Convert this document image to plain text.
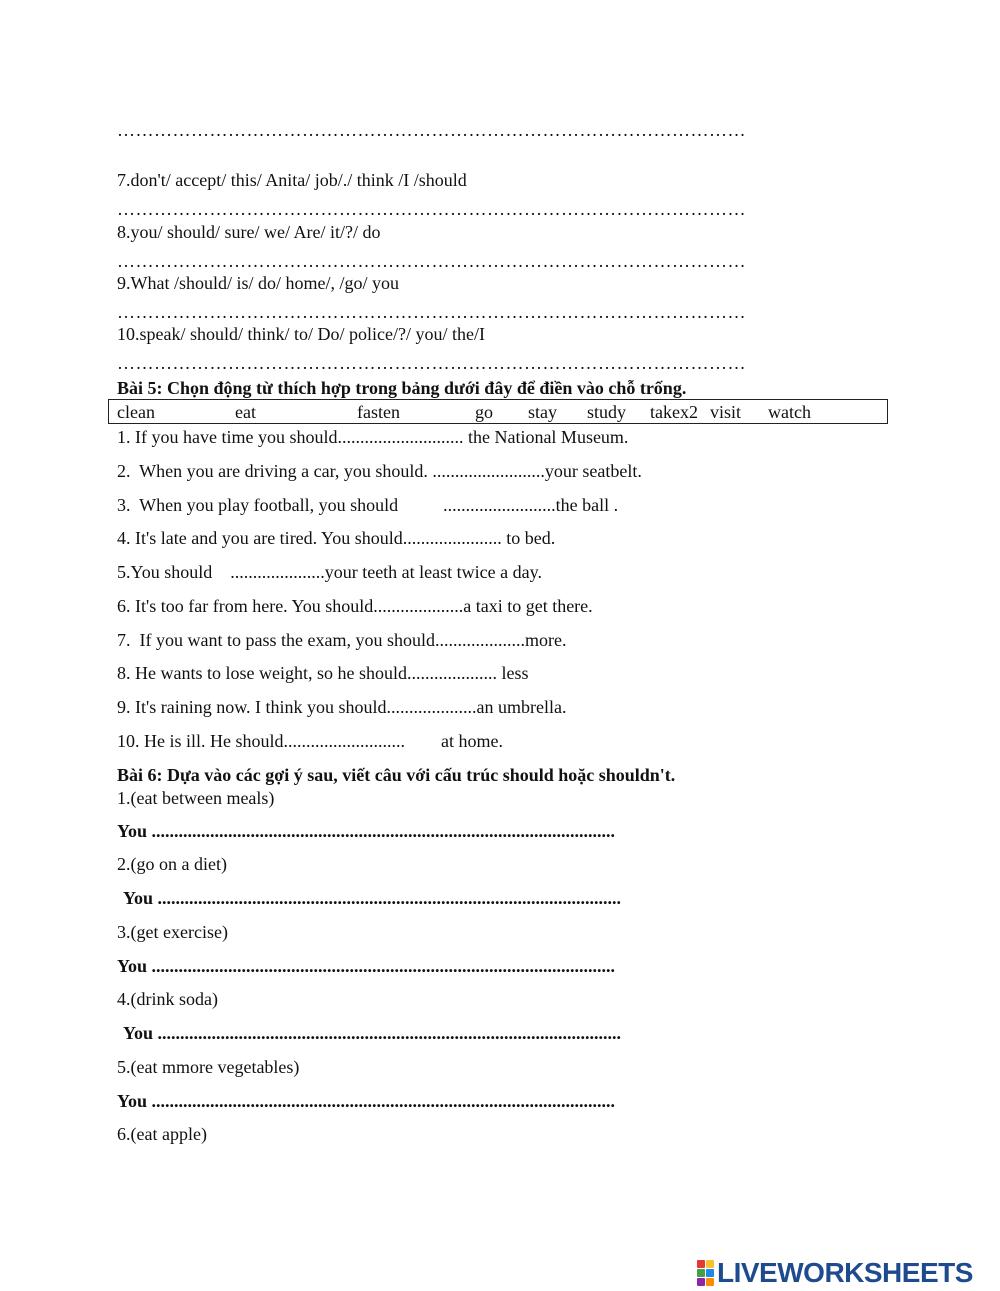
…………………………………………………………………………………………
7.don't/ accept/ this/ Anita/ job/./ think /I /should
…………………………………………………………………………………………
8.you/ should/ sure/ we/ Are/ it/?/ do
…………………………………………………………………………………………
9.What /should/ is/ do/ home/, /go/ you
…………………………………………………………………………………………
10.speak/ should/ think/ to/ Do/ police/?/ you/ the/I
…………………………………………………………………………………………
Bài 5: Chọn động từ thích hợp trong bảng dưới đây để điền vào chỗ trống.
clean	eat	fasten	go stay study takex2 visit watch
1. If you have time you should............................ the National Museum.
2.  When you are driving a car, you should. .........................your seatbelt.
3.  When you play football, you should          .........................the ball .
4. It's late and you are tired. You should...................... to bed.
5.You should    .....................your teeth at least twice a day.
6. It's too far from here. You should....................a taxi to get there.
7.  If you want to pass the exam, you should....................more.
8. He wants to lose weight, so he should.................... less
9. It's raining now. I think you should....................an umbrella.
10. He is ill. He should...........................        at home.
Bài 6: Dựa vào các gợi ý sau, viết câu với cấu trúc should hoặc shouldn't.
1.(eat between meals)
You .......................................................................................................
2.(go on a diet)
You .......................................................................................................
3.(get exercise)
You .......................................................................................................
4.(drink soda)
You .......................................................................................................
5.(eat mmore vegetables)
You .......................................................................................................
6.(eat apple)
LIVEWORKSHEETS
